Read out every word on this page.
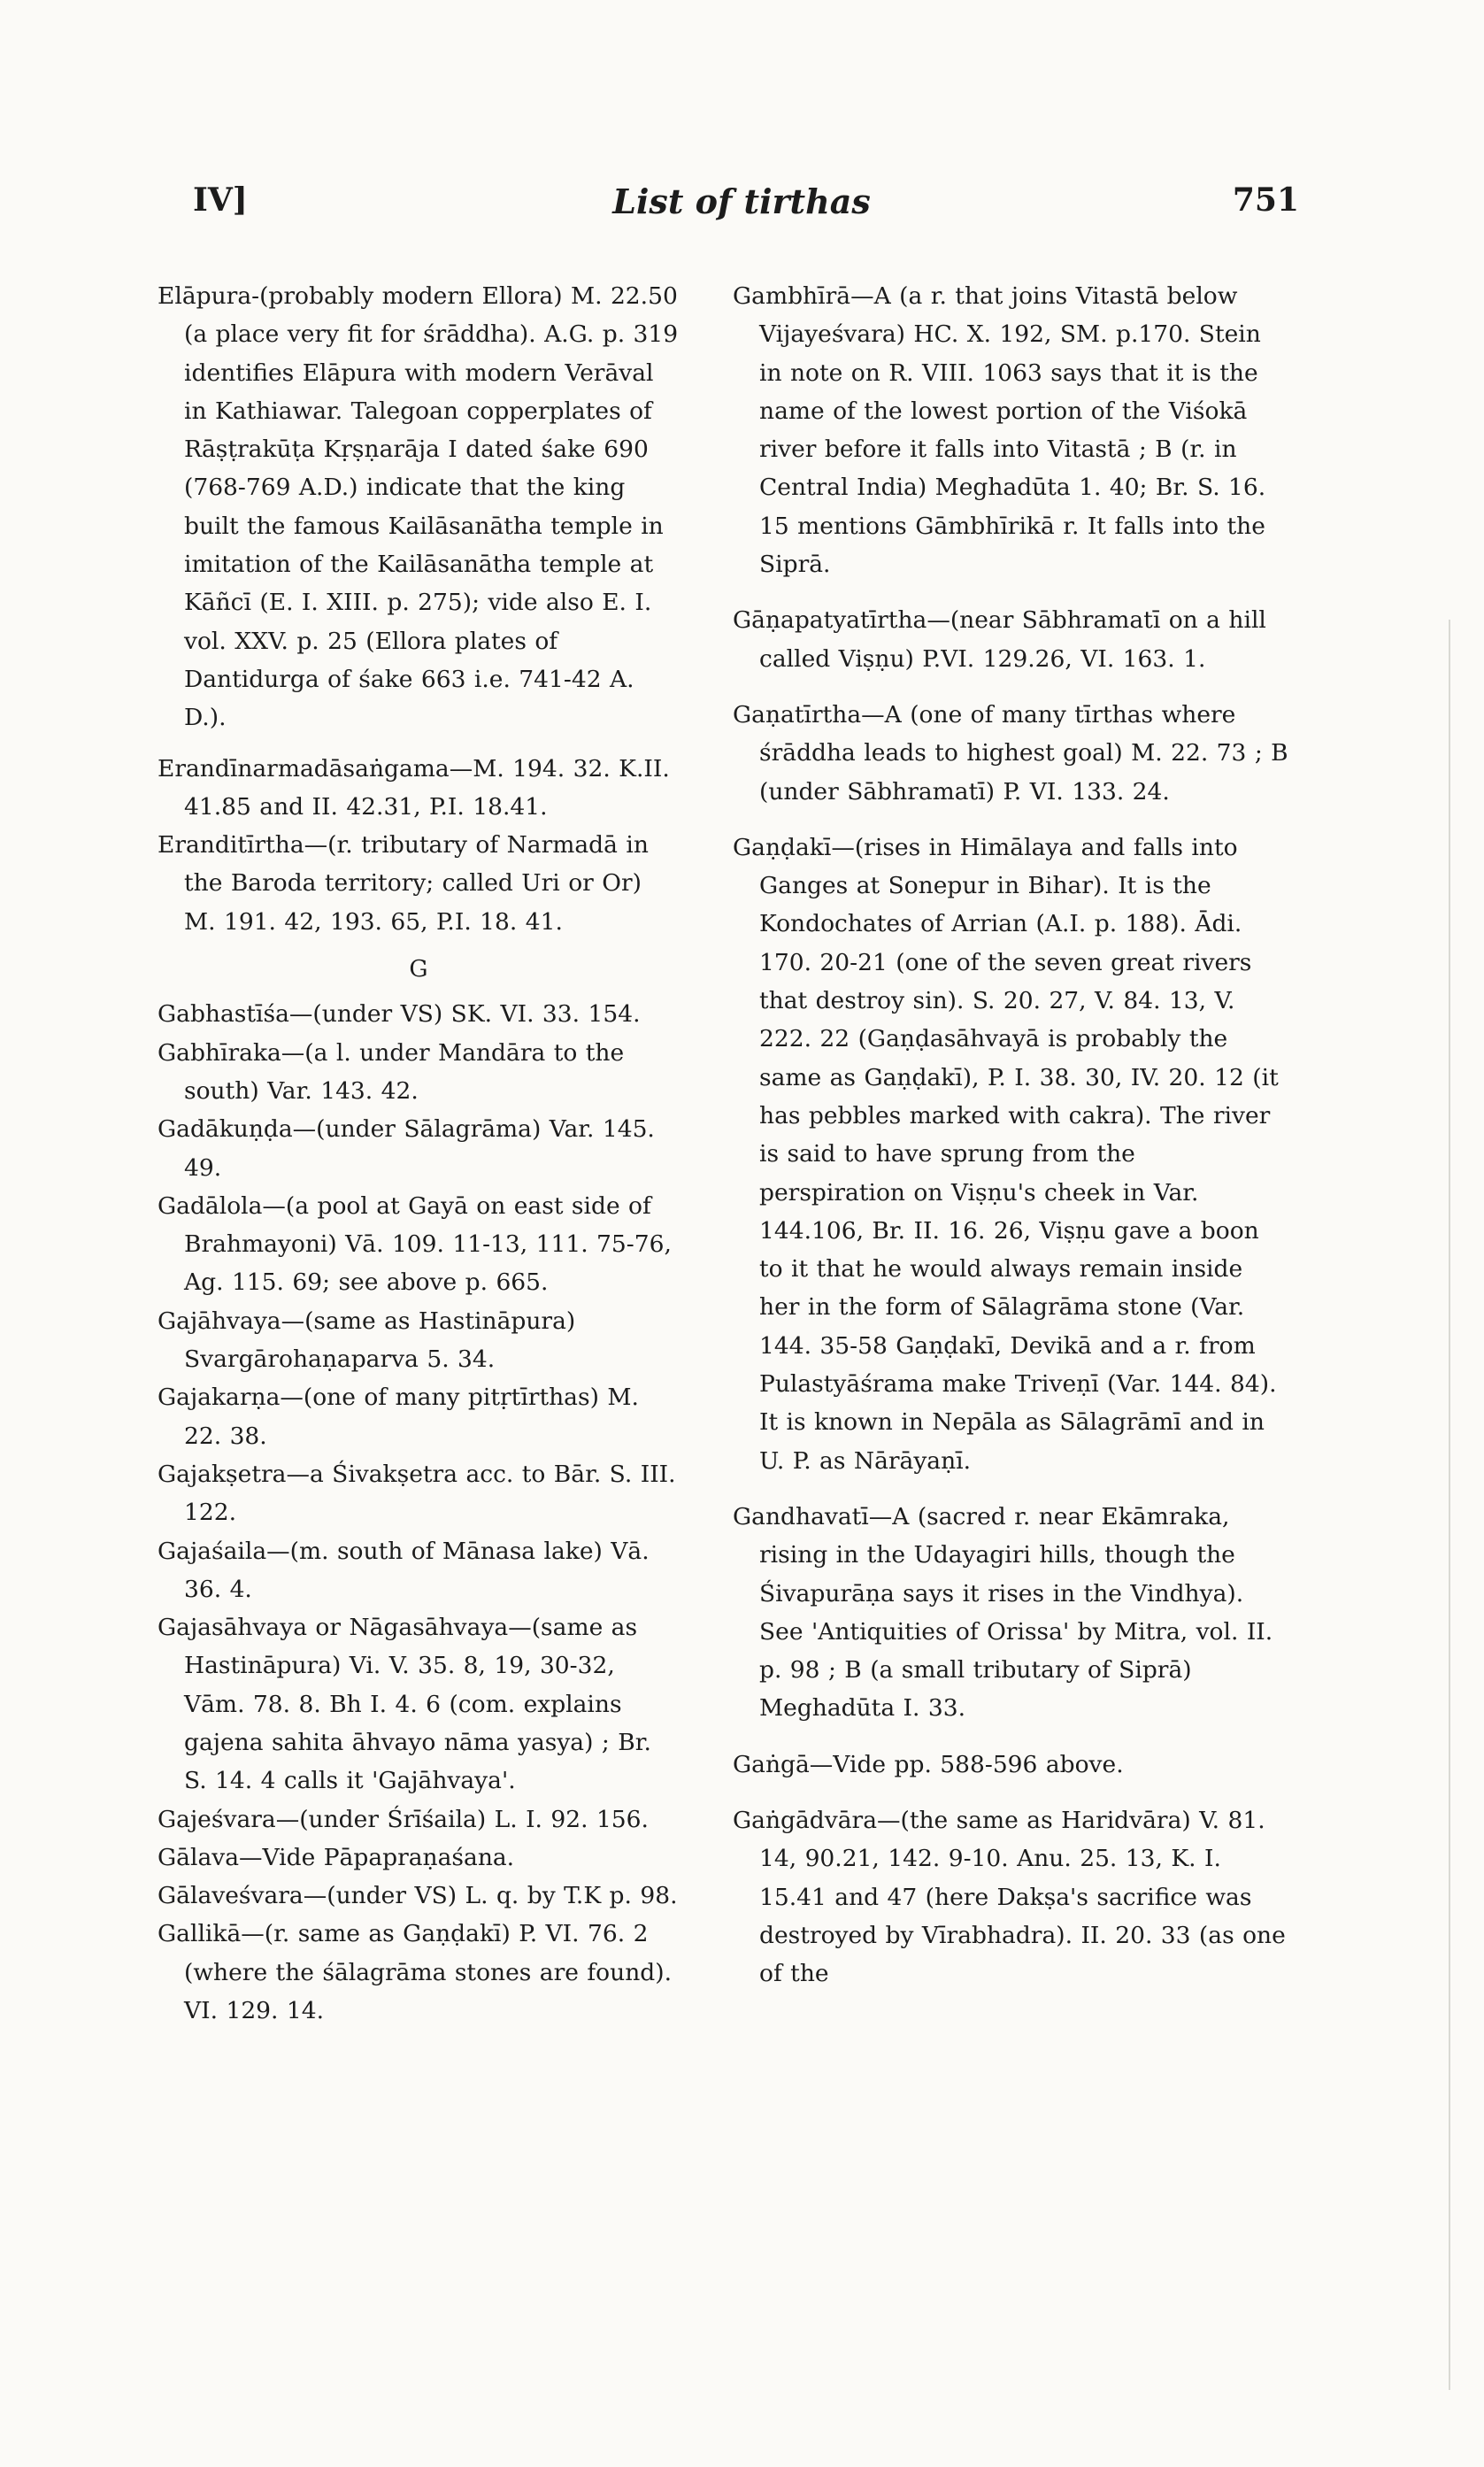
IV]	List of tirthas	751
Elāpura-(probably modern Ellora) M. 22.50 (a place very fit for śrāddha). A.G. p. 319 identifies Elāpura with modern Verāval in Kathiawar. Talegoan copperplates of Rāṣṭrakūṭa Kṛṣṇarāja I dated śake 690 (768-769 A.D.) indicate that the king built the famous Kailāsanātha temple in imitation of the Kailāsanātha temple at Kāñcī (E. I. XIII. p. 275); vide also E. I. vol. XXV. p. 25 (Ellora plates of Dantidurga of śake 663 i.e. 741-42 A. D.).
Erandīnarmadāsaṅgama—M. 194. 32. K.II. 41.85 and II. 42.31, P.I. 18.41.
Eranditīrtha—(r. tributary of Narmadā in the Baroda territory; called Uri or Or) M. 191. 42, 193. 65, P.I. 18. 41.
G
Gabhastīśa—(under VS) SK. VI. 33. 154.
Gabhīraka—(a l. under Mandāra to the south) Var. 143. 42.
Gadākuṇḍa—(under Sālagrāma) Var. 145. 49.
Gadālola—(a pool at Gayā on east side of Brahmayoni) Vā. 109. 11-13, 111. 75-76, Ag. 115. 69; see above p. 665.
Gajāhvaya—(same as Hastināpura) Svargārohaṇaparva 5. 34.
Gajakarṇa—(one of many pitṛtīrthas) M. 22. 38.
Gajakṣetra—a Śivakṣetra acc. to Bār. S. III. 122.
Gajaśaila—(m. south of Mānasa lake) Vā. 36. 4.
Gajasāhvaya or Nāgasāhvaya—(same as Hastināpura) Vi. V. 35. 8, 19, 30-32, Vām. 78. 8. Bh I. 4. 6 (com. explains gajena sahita āhvayo nāma yasya) ; Br. S. 14. 4 calls it 'Gajāhvaya'.
Gajeśvara—(under Śrīśaila) L. I. 92. 156.
Gālava—Vide Pāpapraṇaśana.
Gālaveśvara—(under VS) L. q. by T.K p. 98.
Gallikā—(r. same as Gaṇḍakī) P. VI. 76. 2 (where the śālagrāma stones are found). VI. 129. 14.
Gambhīrā—A (a r. that joins Vitastā below Vijayeśvara) HC. X. 192, SM. p.170. Stein in note on R. VIII. 1063 says that it is the name of the lowest portion of the Viśokā river before it falls into Vitastā ; B (r. in Central India) Meghadūta 1. 40; Br. S. 16. 15 mentions Gāmbhīrikā r. It falls into the Siprā.
Gāṇapatyatīrtha—(near Sābhramatī on a hill called Viṣṇu) P.VI. 129.26, VI. 163. 1.
Gaṇatīrtha—A (one of many tīrthas where śrāddha leads to highest goal) M. 22. 73 ; B (under Sābhramatī) P. VI. 133. 24.
Gaṇḍakī—(rises in Himālaya and falls into Ganges at Sonepur in Bihar). It is the Kondochates of Arrian (A.I. p. 188). Ādi. 170. 20-21 (one of the seven great rivers that destroy sin). S. 20. 27, V. 84. 13, V. 222. 22 (Gaṇḍasāhvayā is probably the same as Gaṇḍakī), P. I. 38. 30, IV. 20. 12 (it has pebbles marked with cakra). The river is said to have sprung from the perspiration on Viṣṇu's cheek in Var. 144.106, Br. II. 16. 26, Viṣṇu gave a boon to it that he would always remain inside her in the form of Sālagrāma stone (Var. 144. 35-58 Gaṇḍakī, Devikā and a r. from Pulastyāśrama make Triveṇī (Var. 144. 84). It is known in Nepāla as Sālagrāmī and in U. P. as Nārāyaṇī.
Gandhavatī—A (sacred r. near Ekāmraka, rising in the Udayagiri hills, though the Śivapurāṇa says it rises in the Vindhya). See 'Antiquities of Orissa' by Mitra, vol. II. p. 98 ; B (a small tributary of Siprā) Meghadūta I. 33.
Gaṅgā—Vide pp. 588-596 above.
Gaṅgādvāra—(the same as Haridvāra) V. 81. 14, 90.21, 142. 9-10. Anu. 25. 13, K. I. 15.41 and 47 (here Dakṣa's sacrifice was destroyed by Vīrabhadra). II. 20. 33 (as one of the
